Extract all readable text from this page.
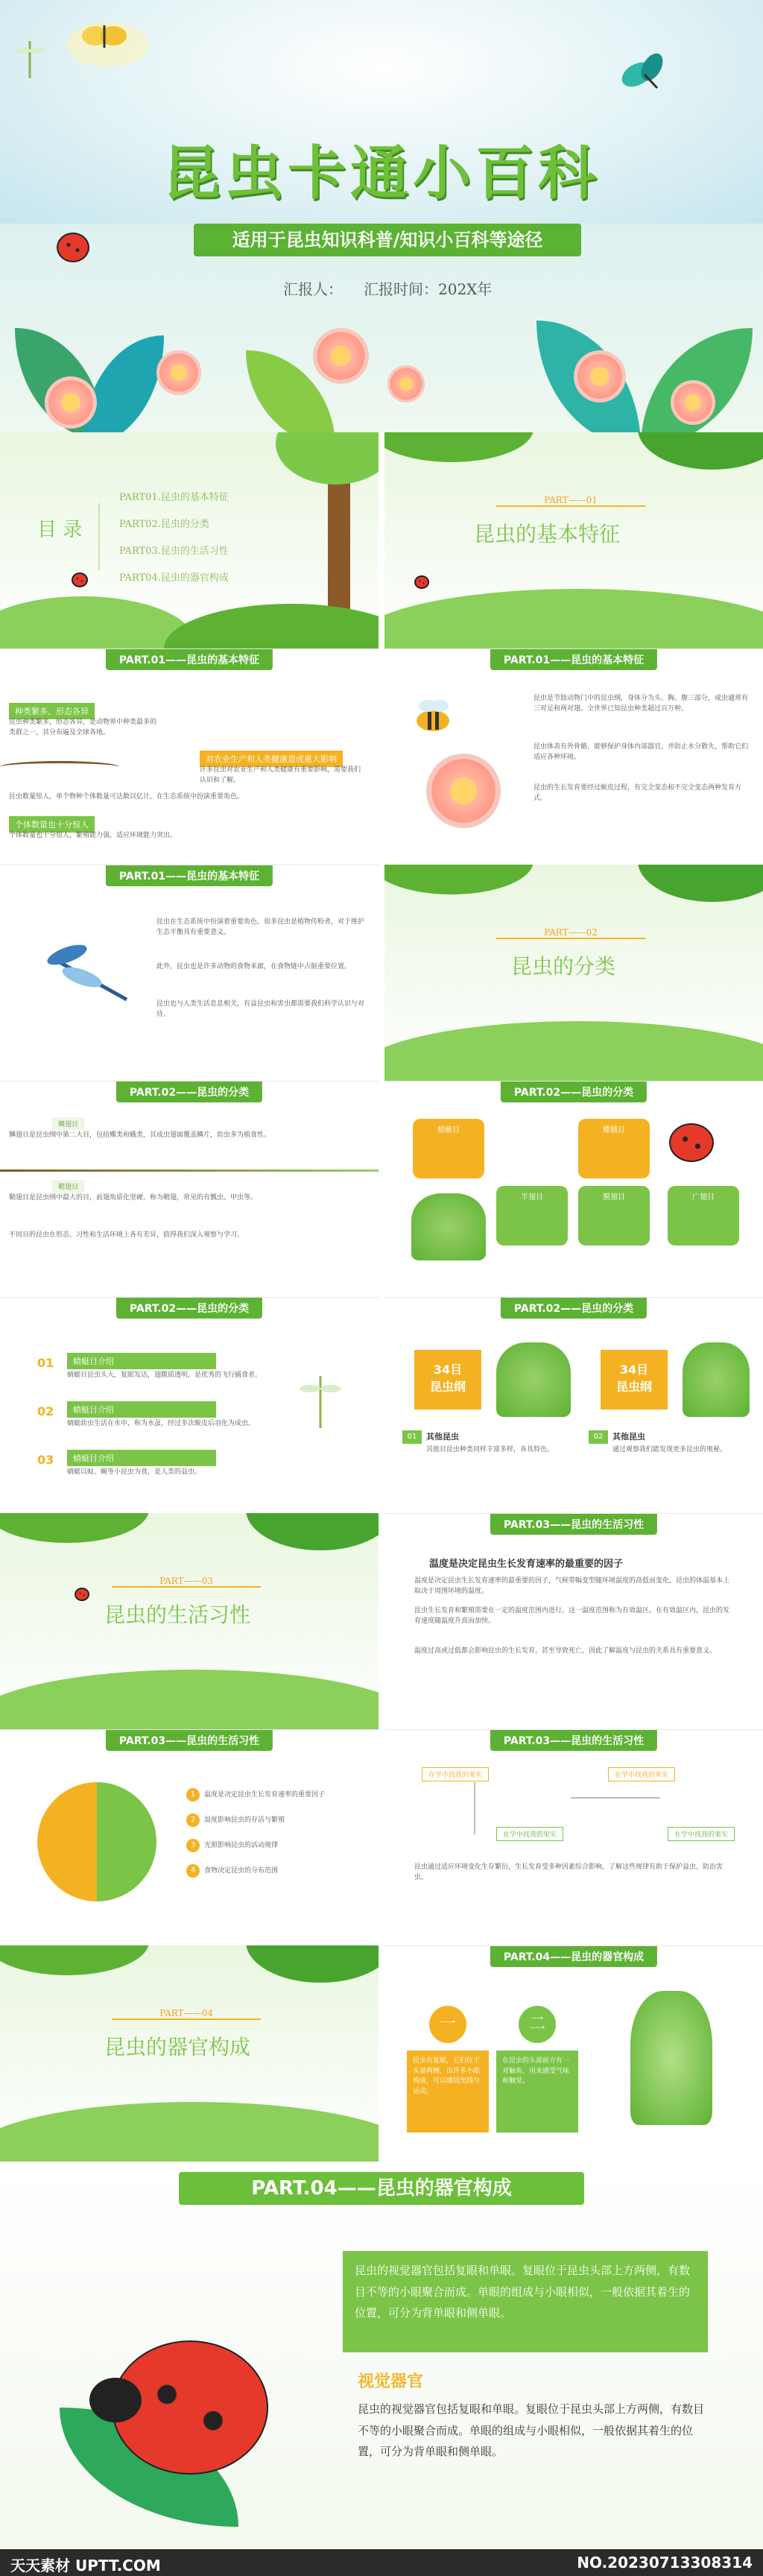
昆虫卡通小百科
适用于昆虫知识科普/知识小百科等途径
汇报人： 汇报时间：202X年
目 录
PART01.昆虫的基本特征
PART02.昆虫的分类
PART03.昆虫的生活习性
PART04.昆虫的器官构成
PART——01
昆虫的基本特征
PART.01——昆虫的基本特征
种类繁多、形态各异
昆虫种类繁多，形态各异，是动物界中种类最多的类群之一，其分布遍及全球各地。
对农业生产和人类健康造成重大影响
许多昆虫对农业生产和人类健康有重要影响，需要我们认识和了解。
昆虫数量惊人，单个物种个体数量可达数以亿计，在生态系统中扮演重要角色。
个体数量也十分惊人
个体数量也十分惊人，繁殖能力强，适应环境能力突出。
PART.01——昆虫的基本特征
昆虫是节肢动物门中的昆虫纲，身体分为头、胸、腹三部分，成虫通常有三对足和两对翅。全世界已知昆虫种类超过百万种。
昆虫体表有外骨骼，能够保护身体内部器官，并防止水分散失，帮助它们适应各种环境。
昆虫的生长发育要经过蜕皮过程，有完全变态和不完全变态两种发育方式。
PART.01——昆虫的基本特征
昆虫在生态系统中扮演着重要角色，很多昆虫是植物传粉者，对于维护生态平衡具有重要意义。
此外，昆虫也是许多动物的食物来源，在食物链中占据重要位置。
昆虫也与人类生活息息相关，有益昆虫和害虫都需要我们科学认识与对待。
PART——02
昆虫的分类
PART.02——昆虫的分类
鳞翅目
鳞翅目是昆虫纲中第二大目，包括蝶类和蛾类，其成虫翅面覆盖鳞片，幼虫多为植食性。
鞘翅目
鞘翅目是昆虫纲中最大的目，前翅角质化坚硬，称为鞘翅，常见的有瓢虫、甲虫等。
不同目的昆虫在形态、习性和生活环境上各有差异，值得我们深入观察与学习。
PART.02——昆虫的分类
蜻蜓目	蝶蛾目
半翅目	膜翅目	广翅目
PART.02——昆虫的分类
01	蜻蜓目介绍
蜻蜓目昆虫头大，复眼发达，翅膜质透明，是优秀的飞行捕食者。
02	蜻蜓目介绍
蜻蜓幼虫生活在水中，称为水虿，经过多次蜕皮后羽化为成虫。
03	蜻蜓目介绍
蜻蜓以蚊、蝇等小昆虫为食，是人类的益虫。
PART.02——昆虫的分类
34目
昆虫纲
34目
昆虫纲
01	其他昆虫
其他目昆虫种类同样丰富多样，各具特色。
02	其他昆虫
通过观察我们能发现更多昆虫的奥秘。
PART——03
昆虫的生活习性
PART.03——昆虫的生活习性
温度是决定昆虫生长发育速率的最重要的因子
温度是决定昆虫生长发育速率的最重要的因子，气候带幅变型随环境温度的高低而变化，昆虫的体温基本上取决于周围环境的温度。
昆虫生长发育和繁殖需要在一定的温度范围内进行，这一温度范围称为有效温区。在有效温区内，昆虫的发育速度随温度升高而加快。
温度过高或过低都会影响昆虫的生长发育，甚至导致死亡，因此了解温度与昆虫的关系具有重要意义。
PART.03——昆虫的生活习性
1 温度是决定昆虫生长发育速率的重要因子
2 湿度影响昆虫的存活与繁殖
3 光照影响昆虫的活动规律
4 食物决定昆虫的分布范围
PART.03——昆虫的生活习性
在学中找我的果实	在学中找我的果实
在学中找我的果实	在学中找我的果实
昆虫通过适应环境变化生存繁衍，生长发育受多种因素综合影响，了解这些规律有助于保护益虫、防治害虫。
PART——04
昆虫的器官构成
PART.04——昆虫的器官构成
一	二
昆虫有复眼，它们位于头部两侧，由许多小眼构成，可以感知光线与运动。
在昆虫的头部前方有一对触角，用来感受气味和触觉。
PART.04——昆虫的器官构成
昆虫的视觉器官包括复眼和单眼。复眼位于昆虫头部上方两侧，有数目不等的小眼聚合而成。单眼的组成与小眼相似，一般依据其着生的位置，可分为背单眼和侧单眼。
视觉器官
昆虫的视觉器官包括复眼和单眼。复眼位于昆虫头部上方两侧，有数目不等的小眼聚合而成。单眼的组成与小眼相似，一般依据其着生的位置，可分为背单眼和侧单眼。
天天素材 UPTT.COM	NO.20230713308314
